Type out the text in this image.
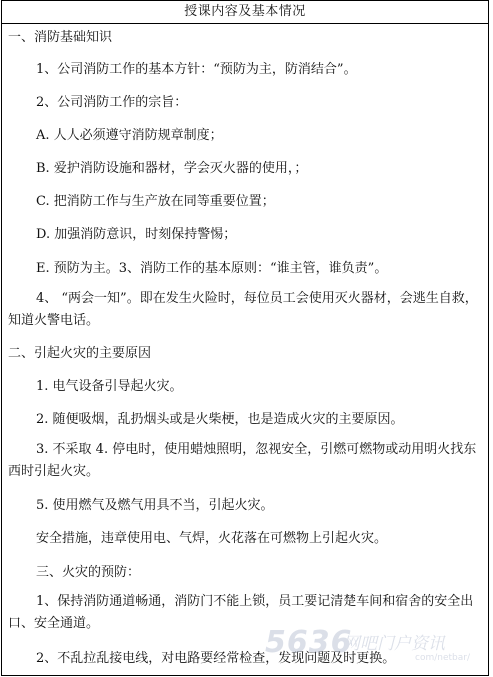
授课内容及基本情况
一、消防基础知识
1、公司消防工作的基本方针：“预防为主，防消结合”。
2、公司消防工作的宗旨：
A. 人人必须遵守消防规章制度；
B. 爱护消防设施和器材，学会灭火器的使用，；
C. 把消防工作与生产放在同等重要位置；
D. 加强消防意识，时刻保持警惕；
E. 预防为主。3、消防工作的基本原则：“谁主管，谁负责”。
4、 “两会一知”。即在发生火险时，每位员工会使用灭火器材，会逃生自救，知道火警电话。
二、引起火灾的主要原因
1. 电气设备引导起火灾。
2. 随便吸烟，乱扔烟头或是火柴梗，也是造成火灾的主要原因。
3. 不采取 4. 停电时，使用蜡烛照明，忽视安全，引燃可燃物或动用明火找东西时引起火灾。
5. 使用燃气及燃气用具不当，引起火灾。
安全措施，违章使用电、气焊，火花落在可燃物上引起火灾。
三、火灾的预防：
1、保持消防通道畅通，消防门不能上锁，员工要记清楚车间和宿舍的安全出口、安全通道。
2、不乱拉乱接电线，对电路要经常检查，发现问题及时更换。
5636
网吧门户资讯
com/netbar/
